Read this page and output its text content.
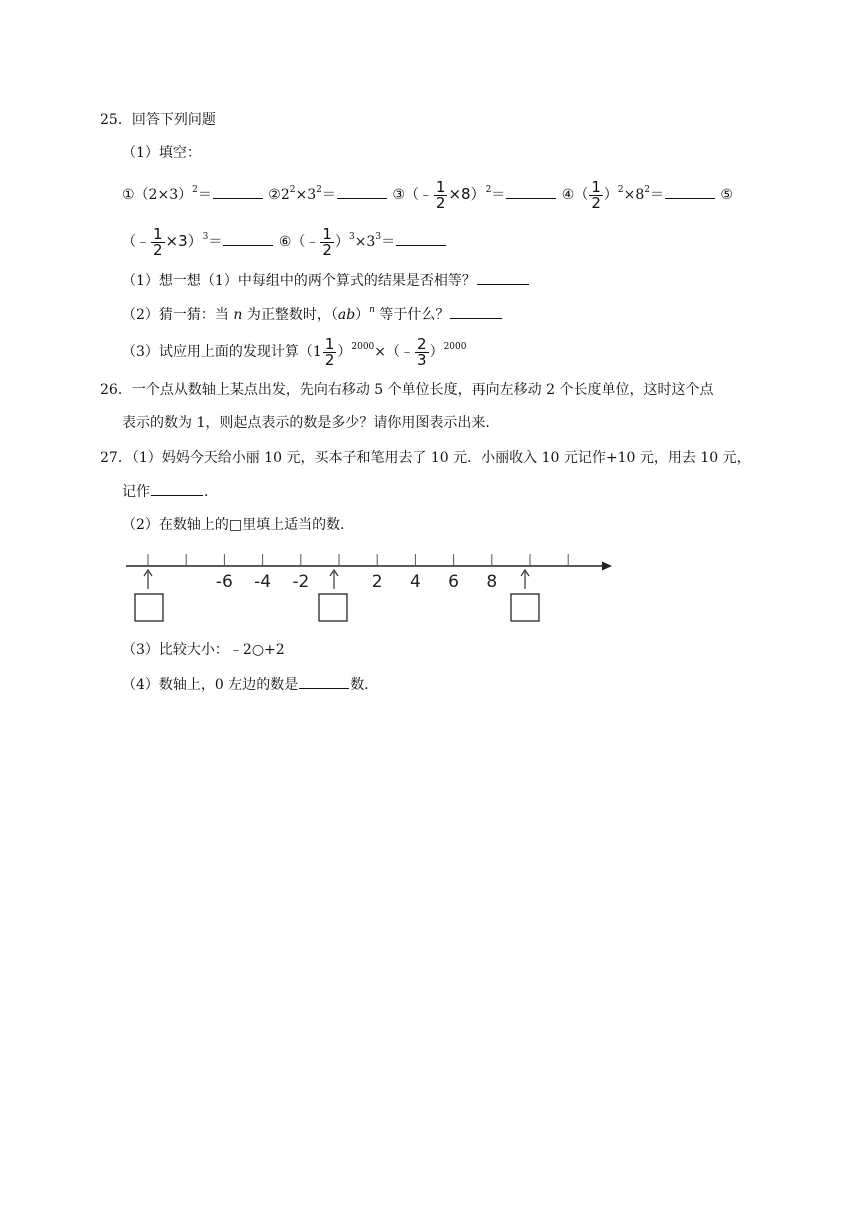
25．回答下列问题
（1）填空：
$①(2\times 3)^2=$	$②2^2\times 3^2=$	③（﹣ $\frac{1}{2} \times 8)^2=$	④（ $\frac{1}{2} )^2\times 8^2=$	⑤
（﹣ $\frac{1}{2} \times 3)^3=$	⑥（﹣ $\frac{1}{2} )^3\times 3^3=$
（1）想一想（1）中每组中的两个算式的结果是否相等？
（2）猜一猜：当 n 为正整数时，（ab）$^n$ 等于什么？
（3）试应用上面的发现计算（$1 \frac{1}{2}$ ）$^{2000}$×（﹣ $\frac{2}{3} )^{2000}$
26．一个点从数轴上某点出发，先向右移动 5 个单位长度，再向左移动 2 个长度单位，这时这个点
表示的数为 1，则起点表示的数是多少？请你用图表示出来．
27．（1）妈妈今天给小丽 10 元，买本子和笔用去了 10 元．小丽收入 10 元记作+10 元，用去 10 元，
记作	．
（2）在数轴上的□里填上适当的数．
-6 -4 -2	2 4 6 8
（3）比较大小：﹣2○+2
（4）数轴上，0 左边的数是	数．
